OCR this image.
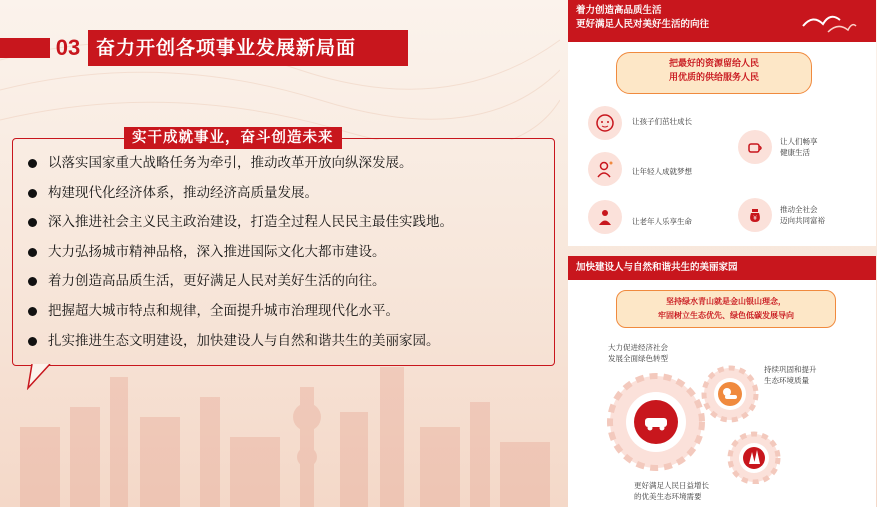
03 奋力开创各项事业发展新局面
实干成就事业，奋斗创造未来
以落实国家重大战略任务为牵引，推动改革开放向纵深发展。
构建现代化经济体系，推动经济高质量发展。
深入推进社会主义民主政治建设，打造全过程人民民主最佳实践地。
大力弘扬城市精神品格，深入推进国际文化大都市建设。
着力创造高品质生活，更好满足人民对美好生活的向往。
把握超大城市特点和规律，全面提升城市治理现代化水平。
扎实推进生态文明建设，加快建设人与自然和谐共生的美丽家园。
着力创造高品质生活
更好满足人民对美好生活的向往
把最好的资源留给人民
用优质的供给服务人民
让孩子们茁壮成长
让年轻人成就梦想
让老年人乐享生命
让人们畅享
健康生活
¥
推动全社会
迈向共同富裕
加快建设人与自然和谐共生的美丽家园
坚持绿水青山就是金山银山理念，
牢固树立生态优先、绿色低碳发展导向
大力促进经济社会
发展全面绿色转型
持续巩固和提升
生态环境质量
更好满足人民日益增长
的优美生态环境需要
